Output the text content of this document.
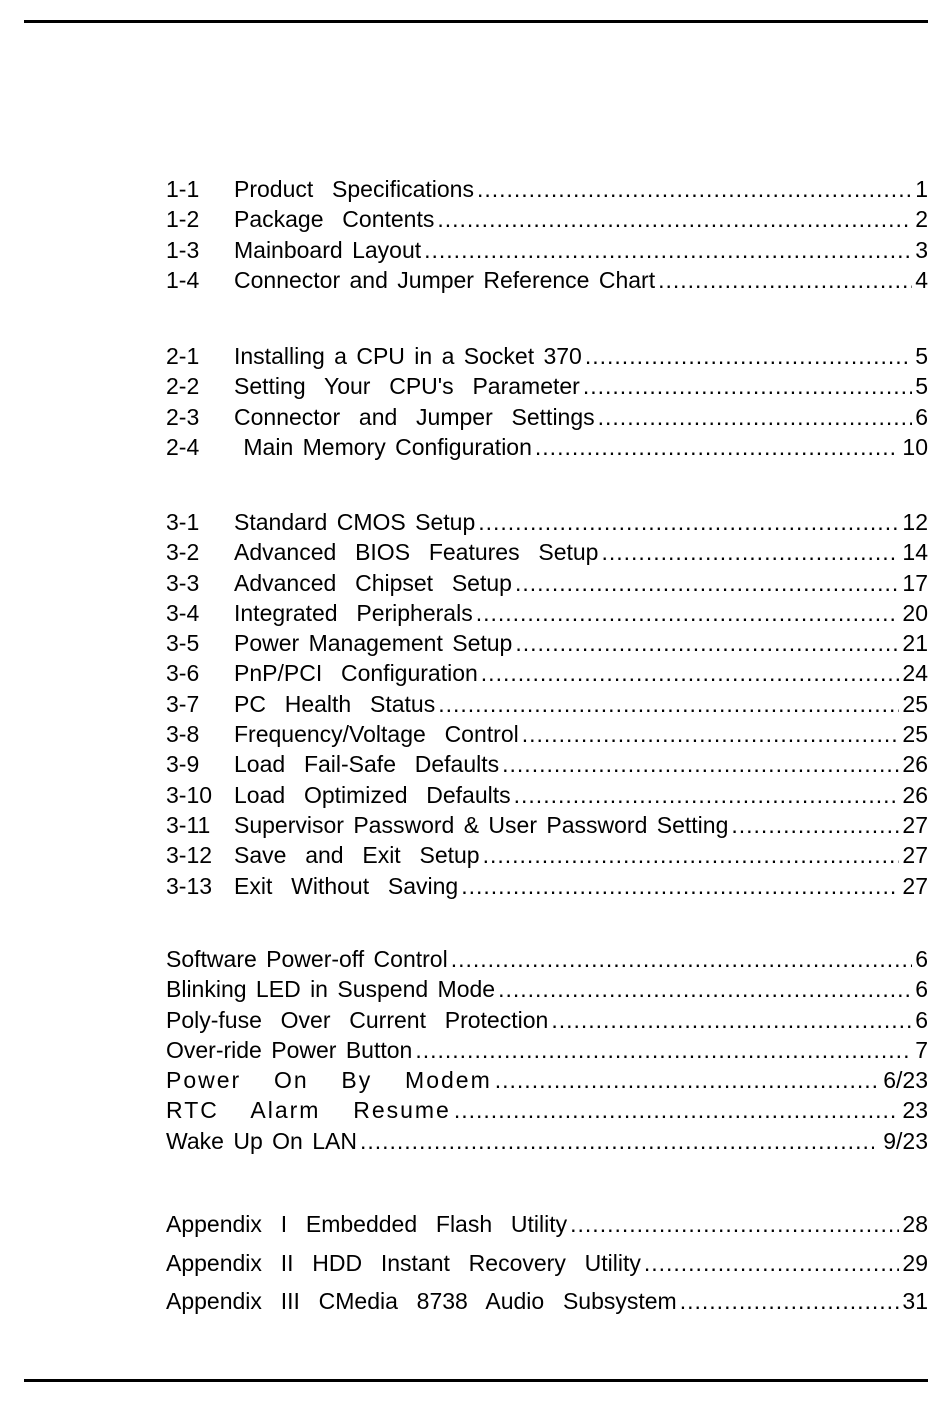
1-1	Product  Specifications .....	1
1-2	Package  Contents .....	2
1-3	Mainboard Layout .....	3
1-4	Connector and Jumper Reference Chart .....	4
2-1	Installing a CPU in a Socket 370 .....	5
2-2	Setting  Your  CPU's  Parameter .....	5
2-3	Connector  and  Jumper  Settings .....	6
2-4	Main Memory Configuration .....	10
3-1	Standard CMOS Setup .....	12
3-2	Advanced  BIOS  Features  Setup .....	14
3-3	Advanced  Chipset  Setup .....	17
3-4	Integrated  Peripherals .....	20
3-5	Power Management Setup .....	21
3-6	PnP/PCI  Configuration .....	24
3-7	PC  Health  Status .....	25
3-8	Frequency/Voltage  Control .....	25
3-9	Load  Fail-Safe  Defaults .....	26
3-10 Load  Optimized  Defaults .....	26
3-11	Supervisor Password & User Password Setting .....	27
3-12 Save  and  Exit  Setup .....	27
3-13 Exit  Without  Saving .....	27
Software Power-off Control .....	6
Blinking LED in Suspend Mode .....	6
Poly-fuse  Over  Current  Protection .....	6
Over-ride Power Button .....	7
Power  On  By  Modem .....	6/23
RTC  Alarm  Resume .....	23
Wake Up On LAN .....	9/23
Appendix  I  Embedded  Flash  Utility .....	28
Appendix  II  HDD  Instant  Recovery  Utility .....	29
Appendix  III  CMedia  8738  Audio  Subsystem .....	31
